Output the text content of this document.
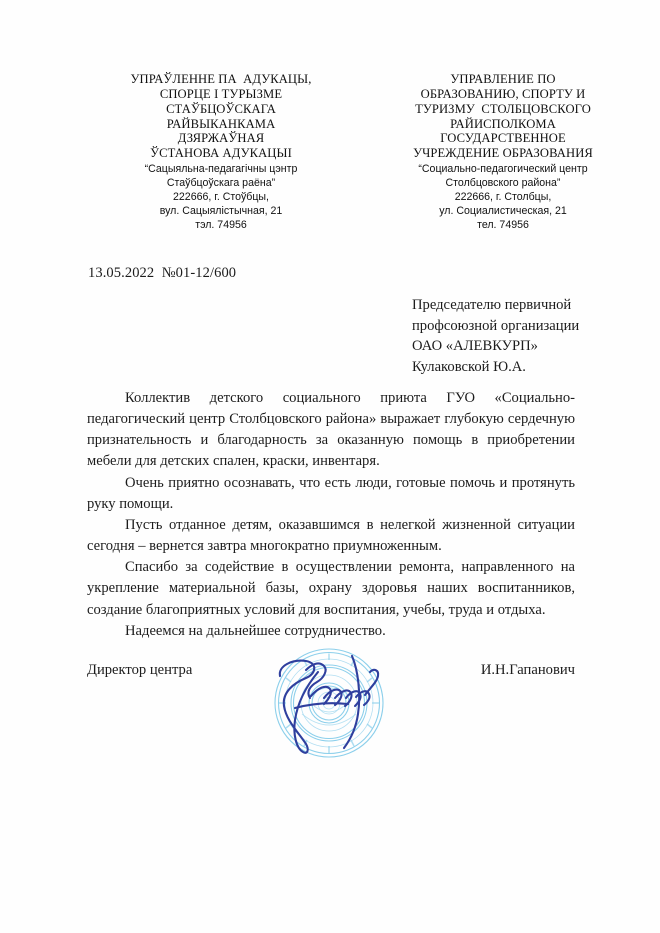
УПРАЎЛЕННЕ ПА  АДУКАЦЫ,
СПОРЦЕ І ТУРЫЗМЕ
СТАЎБЦОЎСКАГА
РАЙВЫКАНКАМА
ДЗЯРЖАЎНАЯ
ЎСТАНОВА АДУКАЦЫІ
“Сацыяльна-педагагічны цэнтр
Стаўбцоўскага раёна”
222666, г. Стоўбцы,
вул. Сацыялістычная, 21
тэл. 74956
УПРАВЛЕНИЕ ПО
ОБРАЗОВАНИЮ, СПОРТУ И
ТУРИЗМУ  СТОЛБЦОВСКОГО
РАЙИСПОЛКОМА
ГОСУДАРСТВЕННОЕ
УЧРЕЖДЕНИЕ ОБРАЗОВАНИЯ
“Социально-педагогический центр
Столбцовского района”
222666, г. Столбцы,
ул. Социалистическая, 21
тел. 74956
13.05.2022  №01-12/600
Председателю первичной
профсоюзной организации
ОАО «АЛЕВКУРП»
Кулаковской Ю.А.

Коллектив детского социального приюта ГУО «Социально-педагогический центр Столбцовского района» выражает глубокую сердечную признательность и благодарность за оказанную помощь в приобретении мебели для детских спален, краски, инвентаря.

Очень приятно осознавать, что есть люди, готовые помочь и протянуть руку помощи.

Пусть отданное детям, оказавшимся в нелегкой жизненной ситуации сегодня – вернется завтра многократно приумноженным.

Спасибо за содействие в осуществлении ремонта, направленного на укрепление материальной базы, охрану здоровья наших воспитанников, создание благоприятных условий для воспитания, учебы, труда и отдыха.

Надеемся на дальнейшее сотрудничество.

Директор центра	И.Н.Гапанович
